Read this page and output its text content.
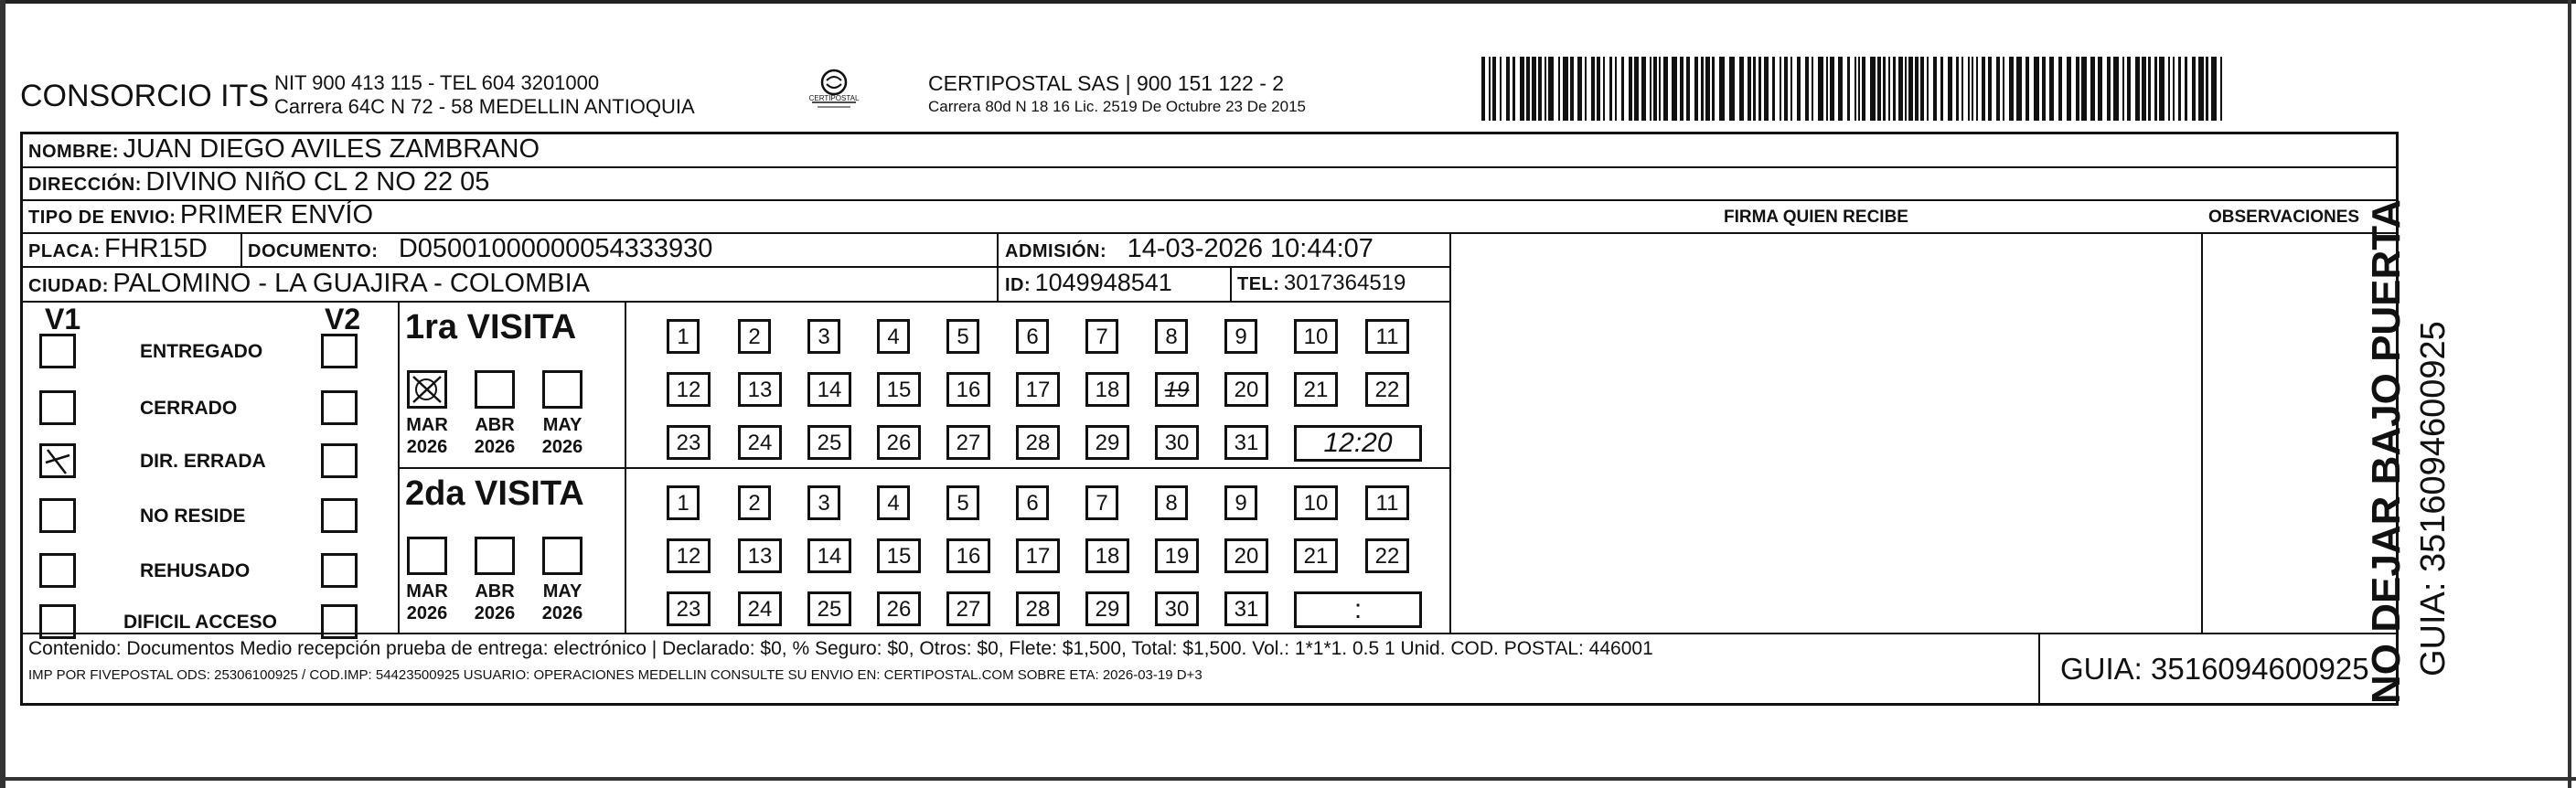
CONSORCIO ITS NIT 900 413 115 - TEL 604 3201000
Carrera 64C N 72 - 58 MEDELLIN ANTIOQUIA	CERTIPOSTAL
CERTIPOSTAL SAS | 900 151 122 - 2
Carrera 80d N 18 16 Lic. 2519 De Octubre 23 De 2015
NOMBRE: JUAN DIEGO AVILES ZAMBRANO
DIRECCIÓN: DIVINO NIñO CL 2 NO 22 05
TIPO DE ENVIO: PRIMER ENVÍO	FIRMA QUIEN RECIBE	OBSERVACIONES
PLACA: FHR15D DOCUMENTO: D05001000000054333930	ADMISIÓN: 14-03-2026 10:44:07
CIUDAD: PALOMINO - LA GUAJIRA - COLOMBIA	ID: 1049948541	TEL: 3017364519
V1	V2
ENTREGADO
CERRADO
DIR. ERRADA
NO RESIDE
REHUSADO
DIFICIL ACCESO
1ra VISITA
MAR
2026
ABR
2026
MAY
2026
1	2	3	4	5	6	7	8	9	10	11
12	13	14	15	16	17	18	19	20	21	22
23	24	25	26	27	28	29	30	31	12:20
2da VISITA
MAR
2026
ABR
2026
MAY
2026
1	2	3	4	5	6	7	8	9	10	11
12	13	14	15	16	17	18	19	20	21	22
23	24	25	26	27	28	29	30	31	:
Contenido: Documentos Medio recepción prueba de entrega: electrónico | Declarado: $0, % Seguro: $0, Otros: $0, Flete: $1,500, Total: $1,500. Vol.: 1*1*1. 0.5 1 Unid. COD. POSTAL: 446001
IMP POR FIVEPOSTAL ODS: 25306100925 / COD.IMP: 54423500925 USUARIO: OPERACIONES MEDELLIN CONSULTE SU ENVIO EN: CERTIPOSTAL.COM SOBRE ETA: 2026-03-19 D+3	GUIA: 3516094600925
NO DEJAR BAJO PUERTA GUIA: 3516094600925
